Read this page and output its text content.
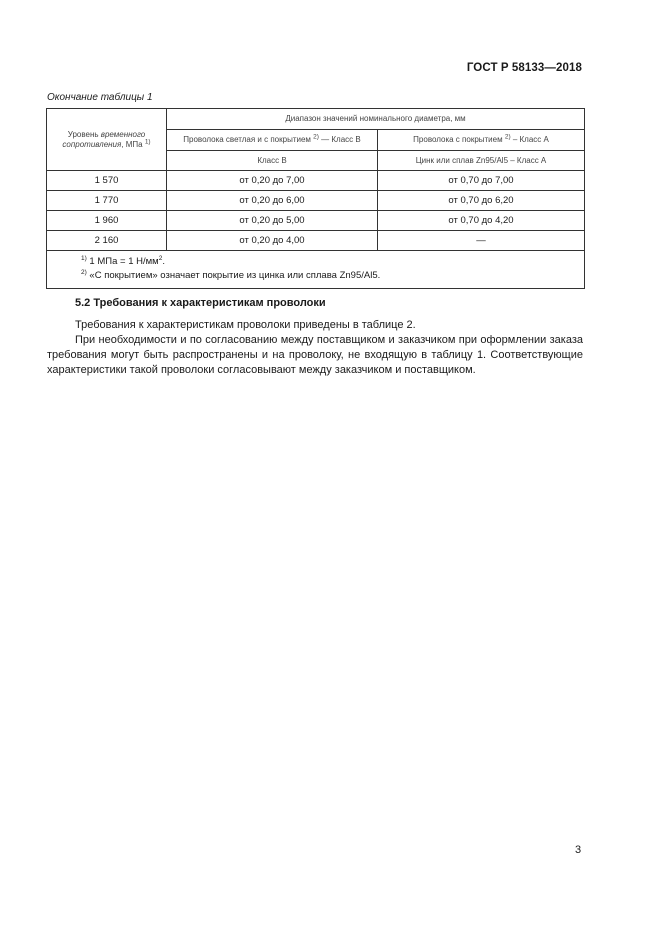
ГОСТ Р 58133—2018
Окончание таблицы 1
Уровень временного сопротивления, МПа $^{1)}$	Диапазон значений номинального диаметра, мм	
	Проволока светлая и с покрытием $^{2)}$ — Класс В	Проволока с покрытием $^{2)}$ – Класс А
	Класс В	Цинк или сплав Zn95/Al5 – Класс А
1 570	от 0,20 до 7,00	от 0,70 до 7,00
1 770	от 0,20 до 6,00	от 0,70 до 6,20
1 960	от 0,20 до 5,00	от 0,70 до 4,20
2 160	от 0,20 до 4,00	—

$^{1)}$ 1 МПа = 1 $Н/мм^2$.
$^{2)}$ «С покрытием» означает покрытие из цинка или сплава Zn95/Al5.		
5.2 Требования к характеристикам проволоки
Требования к характеристикам проволоки приведены в таблице 2.
При необходимости и по согласованию между поставщиком и заказчиком при оформлении заказа требования могут быть распространены и на проволоку, не входящую в таблицу 1. Соответствующие характеристики такой проволоки согласовывают между заказчиком и поставщиком.
3
